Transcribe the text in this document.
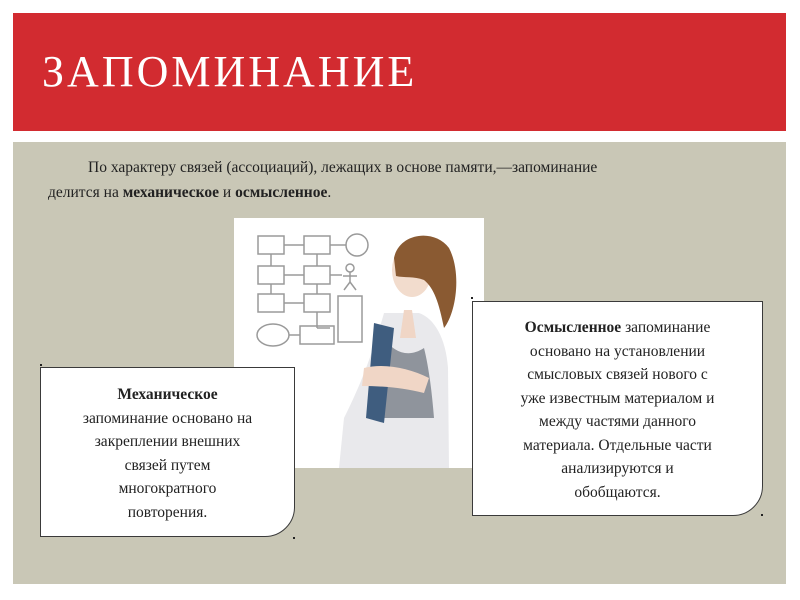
ЗАПОМИНАНИЕ
По характеру связей (ассоциаций), лежащих в основе памяти,—запоминание
делится на механическое и осмысленное.
Осмысленное запоминание
основано на установлении
смысловых связей нового с
уже известным материалом и
между частями данного
материала. Отдельные части
анализируются и
обобщаются.
Механическое
запоминание основано на
закреплении внешних
связей путем
многократного
повторения.
